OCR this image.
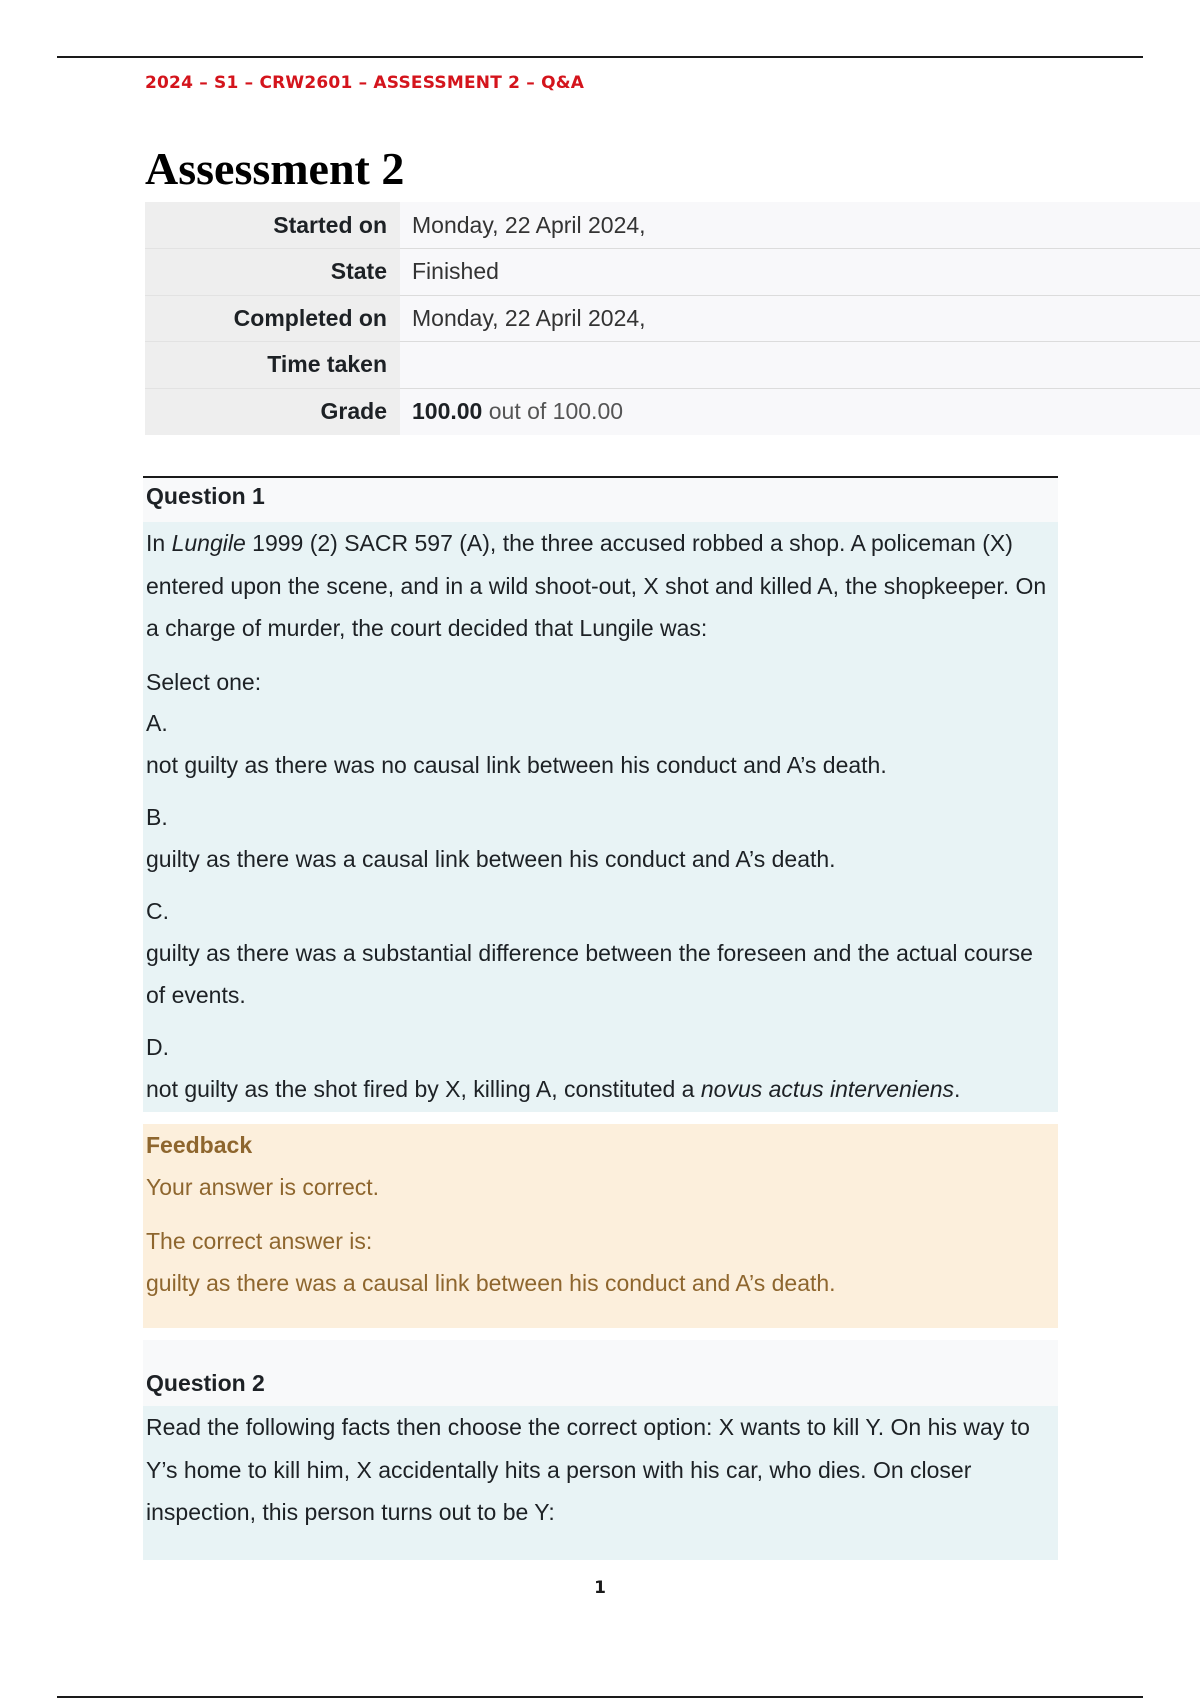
2024 – S1 – CRW2601 – ASSESSMENT 2 – Q&A
Assessment 2
Started on	Monday, 22 April 2024,
State	Finished
Completed on	Monday, 22 April 2024,
Time taken	
Grade	100.00 out of 100.00
Question 1

In Lungile 1999 (2) SACR 597 (A), the three accused robbed a shop. A policeman (X) entered upon the scene, and in a wild shoot-out, X shot and killed A, the shopkeeper. On a charge of murder, the court decided that Lungile was:

Select one:

A.

not guilty as there was no causal link between his conduct and A’s death.

B.

guilty as there was a causal link between his conduct and A’s death.

C.

guilty as there was a substantial difference between the foreseen and the actual course of events.

D.

not guilty as the shot fired by X, killing A, constituted a novus actus interveniens.

Feedback

Your answer is correct.

The correct answer is:

guilty as there was a causal link between his conduct and A’s death.

Question 2

Read the following facts then choose the correct option: X wants to kill Y. On his way to Y’s home to kill him, X accidentally hits a person with his car, who dies. On closer inspection, this person turns out to be Y:

1
